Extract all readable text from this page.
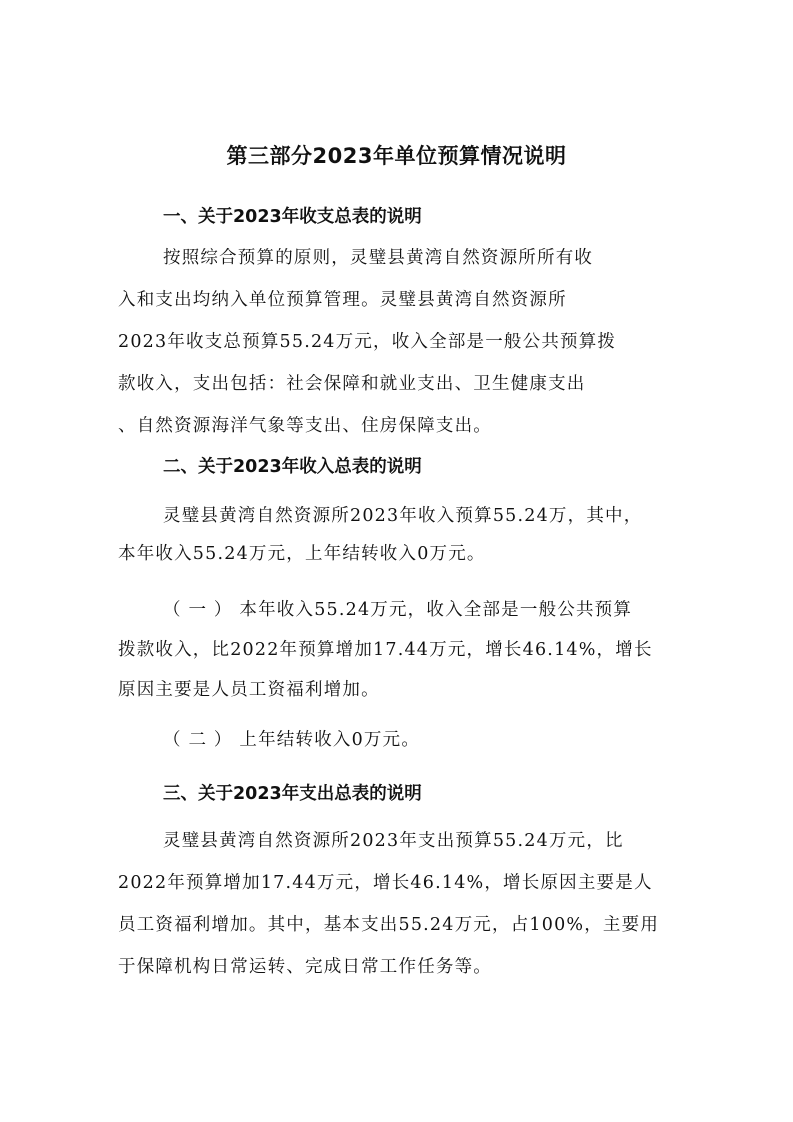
第三部分2023年单位预算情况说明
一、关于2023年收支总表的说明

按照综合预算的原则，灵璧县黄湾自然资源所所有收

入和支出均纳入单位预算管理。灵璧县黄湾自然资源所

2023年收支总预算55.24万元，收入全部是一般公共预算拨

款收入，支出包括：社会保障和就业支出、卫生健康支出

、自然资源海洋气象等支出、住房保障支出。

二、关于2023年收入总表的说明

灵璧县黄湾自然资源所2023年收入预算55.24万，其中，

本年收入55.24万元，上年结转收入0万元。

（ 一 ） 本年收入55.24万元，收入全部是一般公共预算

拨款收入，比2022年预算增加17.44万元，增长46.14%，增长

原因主要是人员工资福利增加。

（ 二 ） 上年结转收入0万元。

三、关于2023年支出总表的说明

灵璧县黄湾自然资源所2023年支出预算55.24万元，比

2022年预算增加17.44万元，增长46.14%，增长原因主要是人

员工资福利增加。其中，基本支出55.24万元，占100%，主要用

于保障机构日常运转、完成日常工作任务等。
